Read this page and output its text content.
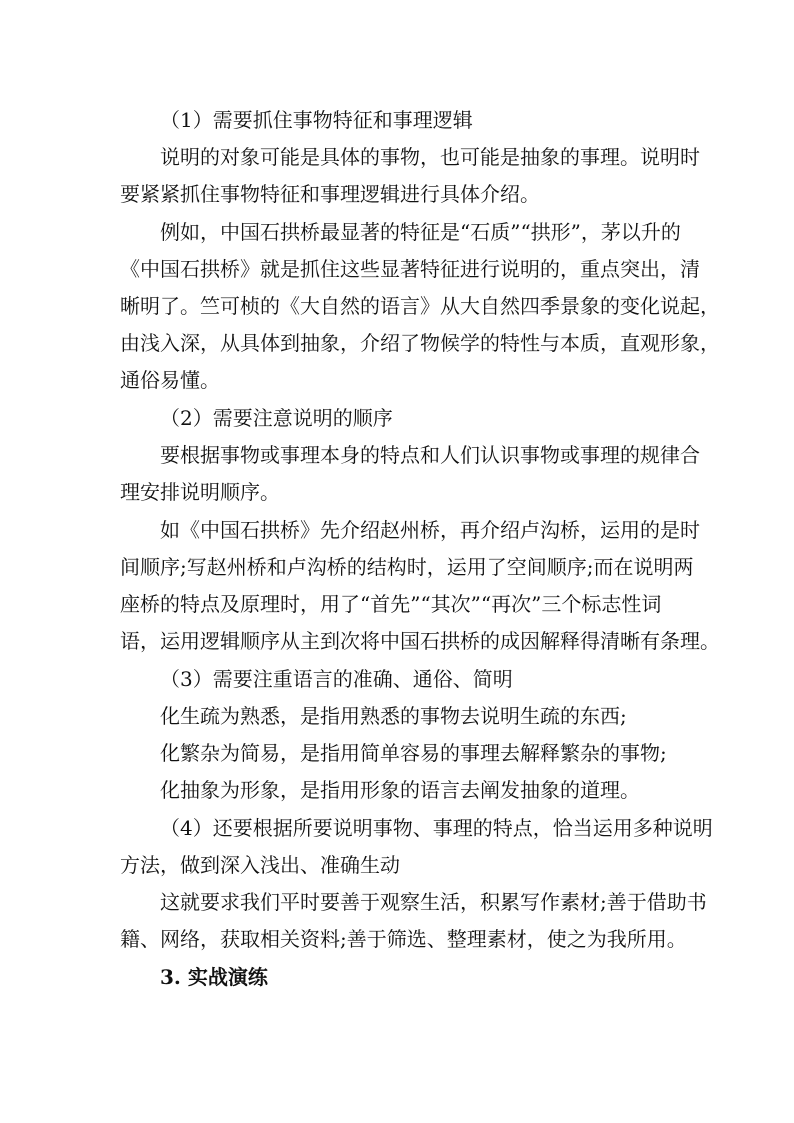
（1）需要抓住事物特征和事理逻辑
说明的对象可能是具体的事物，也可能是抽象的事理。说明时
要紧紧抓住事物特征和事理逻辑进行具体介绍。
例如，中国石拱桥最显著的特征是“石质”“拱形”，茅以升的
《中国石拱桥》就是抓住这些显著特征进行说明的，重点突出，清
晰明了。竺可桢的《大自然的语言》从大自然四季景象的变化说起，
由浅入深，从具体到抽象，介绍了物候学的特性与本质，直观形象，
通俗易懂。
（2）需要注意说明的顺序
要根据事物或事理本身的特点和人们认识事物或事理的规律合
理安排说明顺序。
如《中国石拱桥》先介绍赵州桥，再介绍卢沟桥，运用的是时
间顺序;写赵州桥和卢沟桥的结构时，运用了空间顺序;而在说明两
座桥的特点及原理时，用了“首先”“其次”“再次”三个标志性词
语，运用逻辑顺序从主到次将中国石拱桥的成因解释得清晰有条理。
（3）需要注重语言的准确、通俗、简明
化生疏为熟悉，是指用熟悉的事物去说明生疏的东西;
化繁杂为简易，是指用简单容易的事理去解释繁杂的事物;
化抽象为形象，是指用形象的语言去阐发抽象的道理。
（4）还要根据所要说明事物、事理的特点，恰当运用多种说明
方法，做到深入浅出、准确生动
这就要求我们平时要善于观察生活，积累写作素材;善于借助书
籍、网络，获取相关资料;善于筛选、整理素材，使之为我所用。
3. 实战演练
